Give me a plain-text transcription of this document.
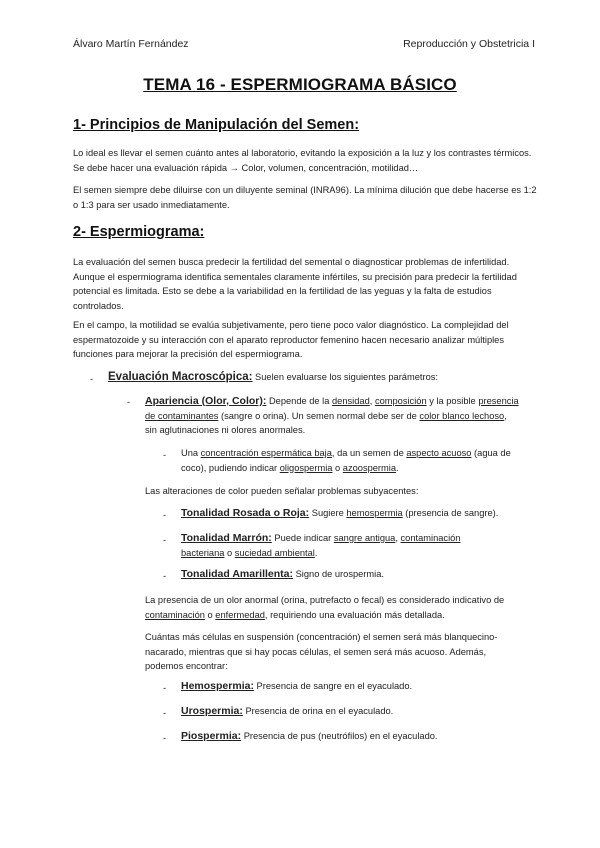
Álvaro Martín Fernández	Reproducción y Obstetricia I
TEMA 16 - ESPERMIOGRAMA BÁSICO
1- Principios de Manipulación del Semen:
Lo ideal es llevar el semen cuánto antes al laboratorio, evitando la exposición a la luz y los contrastes térmicos. Se debe hacer una evaluación rápida → Color, volumen, concentración, motilidad…
El semen siempre debe diluirse con un diluyente seminal (INRA96). La mínima dilución que debe hacerse es 1:2 o 1:3 para ser usado inmediatamente.
2- Espermiograma:
La evaluación del semen busca predecir la fertilidad del semental o diagnosticar problemas de infertilidad. Aunque el espermiograma identifica sementales claramente infértiles, su precisión para predecir la fertilidad potencial es limitada. Esto se debe a la variabilidad en la fertilidad de las yeguas y la falta de estudios controlados.
En el campo, la motilidad se evalúa subjetivamente, pero tiene poco valor diagnóstico. La complejidad del espermatozoide y su interacción con el aparato reproductor femenino hacen necesario analizar múltiples funciones para mejorar la precisión del espermiograma.
- Evaluación Macroscópica: Suelen evaluarse los siguientes parámetros:
- Apariencia (Olor, Color): Depende de la densidad, composición y la posible presencia de contaminantes (sangre o orina). Un semen normal debe ser de color blanco lechoso, sin aglutinaciones ni olores anormales.
- Una concentración espermática baja, da un semen de aspecto acuoso (agua de coco), pudiendo indicar oligospermia o azoospermia.
Las alteraciones de color pueden señalar problemas subyacentes:
- Tonalidad Rosada o Roja: Sugiere hemospermia (presencia de sangre).
- Tonalidad Marrón: Puede indicar sangre antigua, contaminación bacteriana o suciedad ambiental.
- Tonalidad Amarillenta: Signo de urospermia.
La presencia de un olor anormal (orina, putrefacto o fecal) es considerado indicativo de contaminación o enfermedad, requiriendo una evaluación más detallada.
Cuántas más células en suspensión (concentración) el semen será más blanquecino-nacarado, mientras que si hay pocas células, el semen será más acuoso. Además, podemos encontrar:
- Hemospermia: Presencia de sangre en el eyaculado.
- Urospermia: Presencia de orina en el eyaculado.
- Piospermia: Presencia de pus (neutrófilos) en el eyaculado.
